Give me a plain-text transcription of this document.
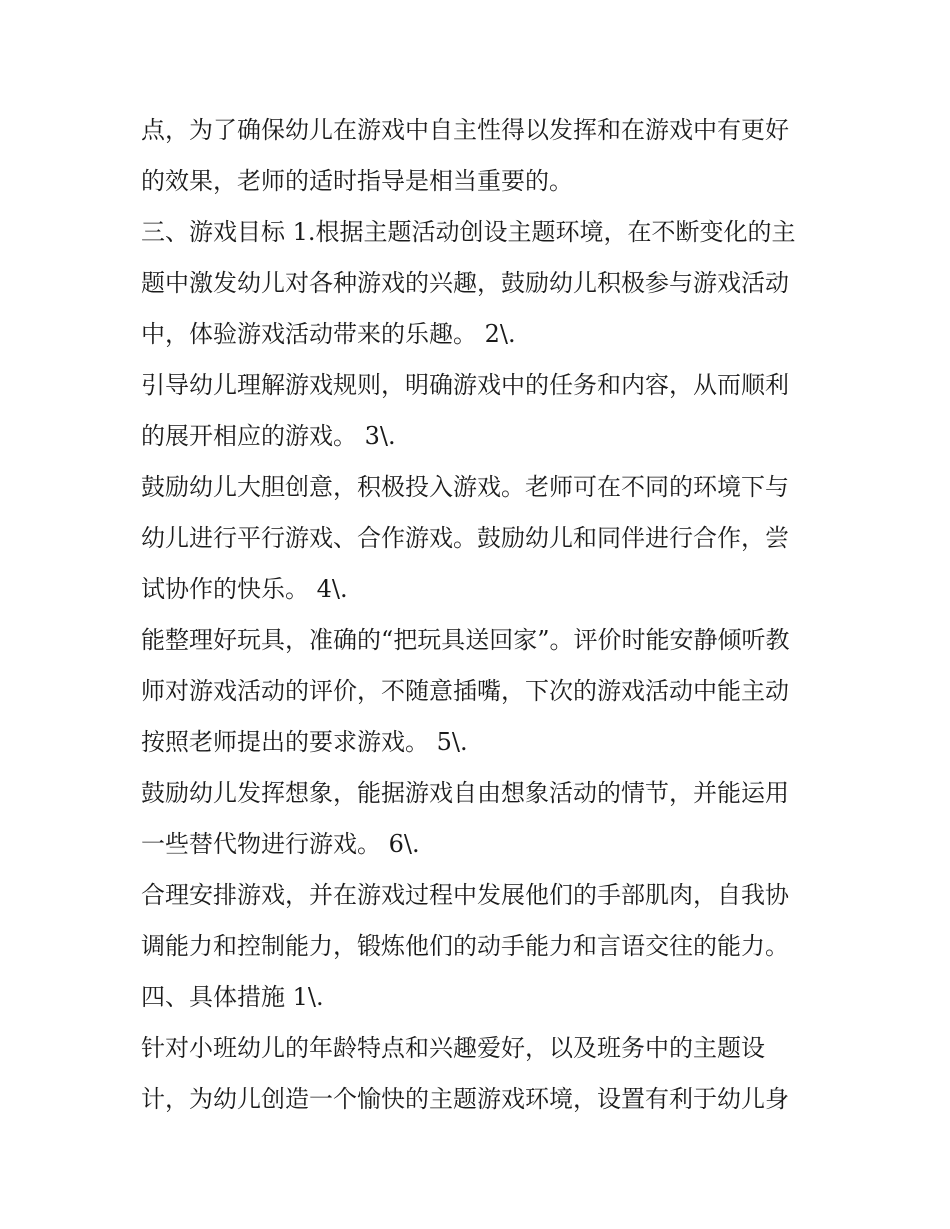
点，为了确保幼儿在游戏中自主性得以发挥和在游戏中有更好
的效果，老师的适时指导是相当重要的。
三、游戏目标 1.根据主题活动创设主题环境，在不断变化的主
题中激发幼儿对各种游戏的兴趣，鼓励幼儿积极参与游戏活动
中，体验游戏活动带来的乐趣。 2\.
引导幼儿理解游戏规则，明确游戏中的任务和内容，从而顺利
的展开相应的游戏。 3\.
鼓励幼儿大胆创意，积极投入游戏。老师可在不同的环境下与
幼儿进行平行游戏、合作游戏。鼓励幼儿和同伴进行合作，尝
试协作的快乐。 4\.
能整理好玩具，准确的“把玩具送回家”。评价时能安静倾听教
师对游戏活动的评价，不随意插嘴，下次的游戏活动中能主动
按照老师提出的要求游戏。 5\.
鼓励幼儿发挥想象，能据游戏自由想象活动的情节，并能运用
一些替代物进行游戏。 6\.
合理安排游戏，并在游戏过程中发展他们的手部肌肉，自我协
调能力和控制能力，锻炼他们的动手能力和言语交往的能力。
四、具体措施 1\.
针对小班幼儿的年龄特点和兴趣爱好，以及班务中的主题设
计，为幼儿创造一个愉快的主题游戏环境，设置有利于幼儿身
